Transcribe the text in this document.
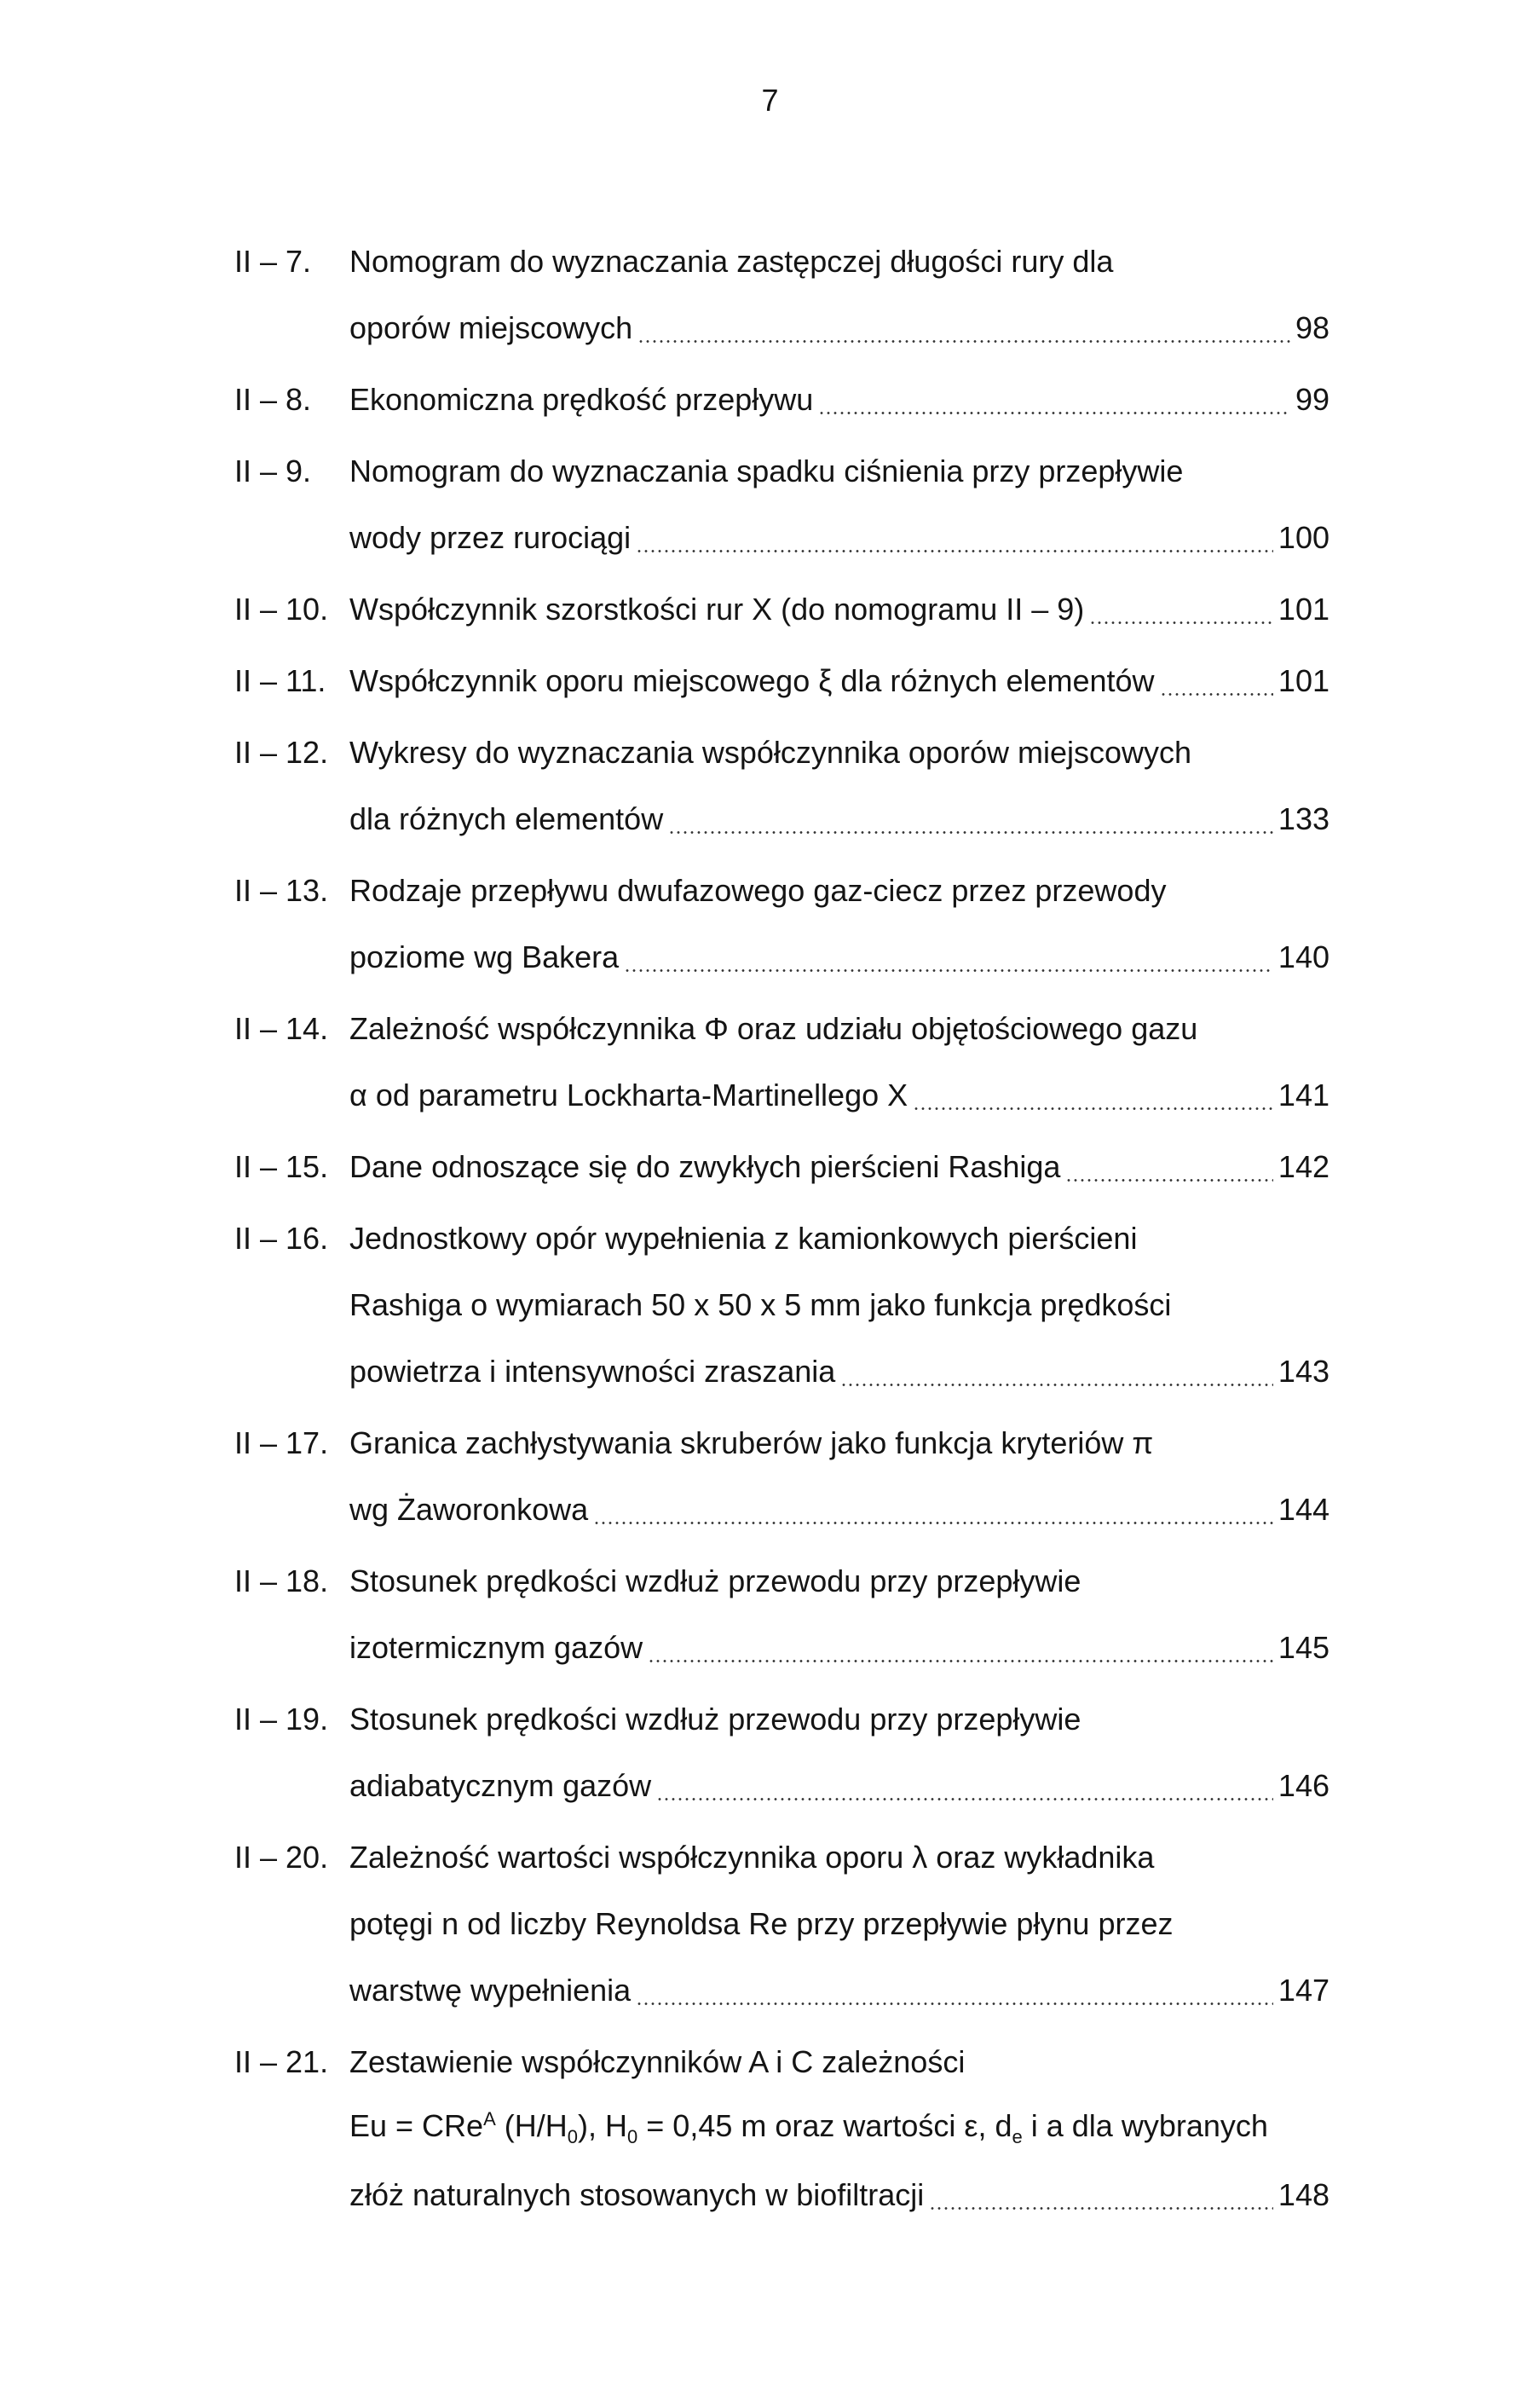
7
II – 7.	Nomogram do wyznaczania zastępczej długości rury dla
oporów miejscowych	98
II – 8.	Ekonomiczna prędkość przepływu	99
II – 9.	Nomogram do wyznaczania spadku ciśnienia przy przepływie
wody przez rurociągi	100
II – 10. Współczynnik szorstkości rur X (do nomogramu II – 9)	101
II – 11. Współczynnik oporu miejscowego ξ dla różnych elementów	101
II – 12. Wykresy do wyznaczania współczynnika oporów miejscowych
dla różnych elementów	133
II – 13. Rodzaje przepływu dwufazowego gaz-ciecz przez przewody
poziome wg Bakera	140
II – 14. Zależność współczynnika Φ oraz udziału objętościowego gazu
α od parametru Lockharta-Martinellego X	141
II – 15. Dane odnoszące się do zwykłych pierścieni Rashiga	142
II – 16. Jednostkowy opór wypełnienia z kamionkowych pierścieni
Rashiga o wymiarach 50 x 50 x 5 mm jako funkcja prędkości
powietrza i intensywności zraszania	143
II – 17. Granica zachłystywania skruberów jako funkcja kryteriów π
wg Żaworonkowa	144
II – 18. Stosunek prędkości wzdłuż przewodu przy przepływie
izotermicznym gazów	145
II – 19. Stosunek prędkości wzdłuż przewodu przy przepływie
adiabatycznym gazów	146
II – 20. Zależność wartości współczynnika oporu λ oraz wykładnika
potęgi n od liczby Reynoldsa Re przy przepływie płynu przez
warstwę wypełnienia	147
II – 21. Zestawienie współczynników A i C zależności
Eu = CRe$^A$ $(H/H_0)$, $H_0 = 0,45$ m oraz wartości ε, $d_e$ i a dla wybranych
złóż naturalnych stosowanych w biofiltracji	148
